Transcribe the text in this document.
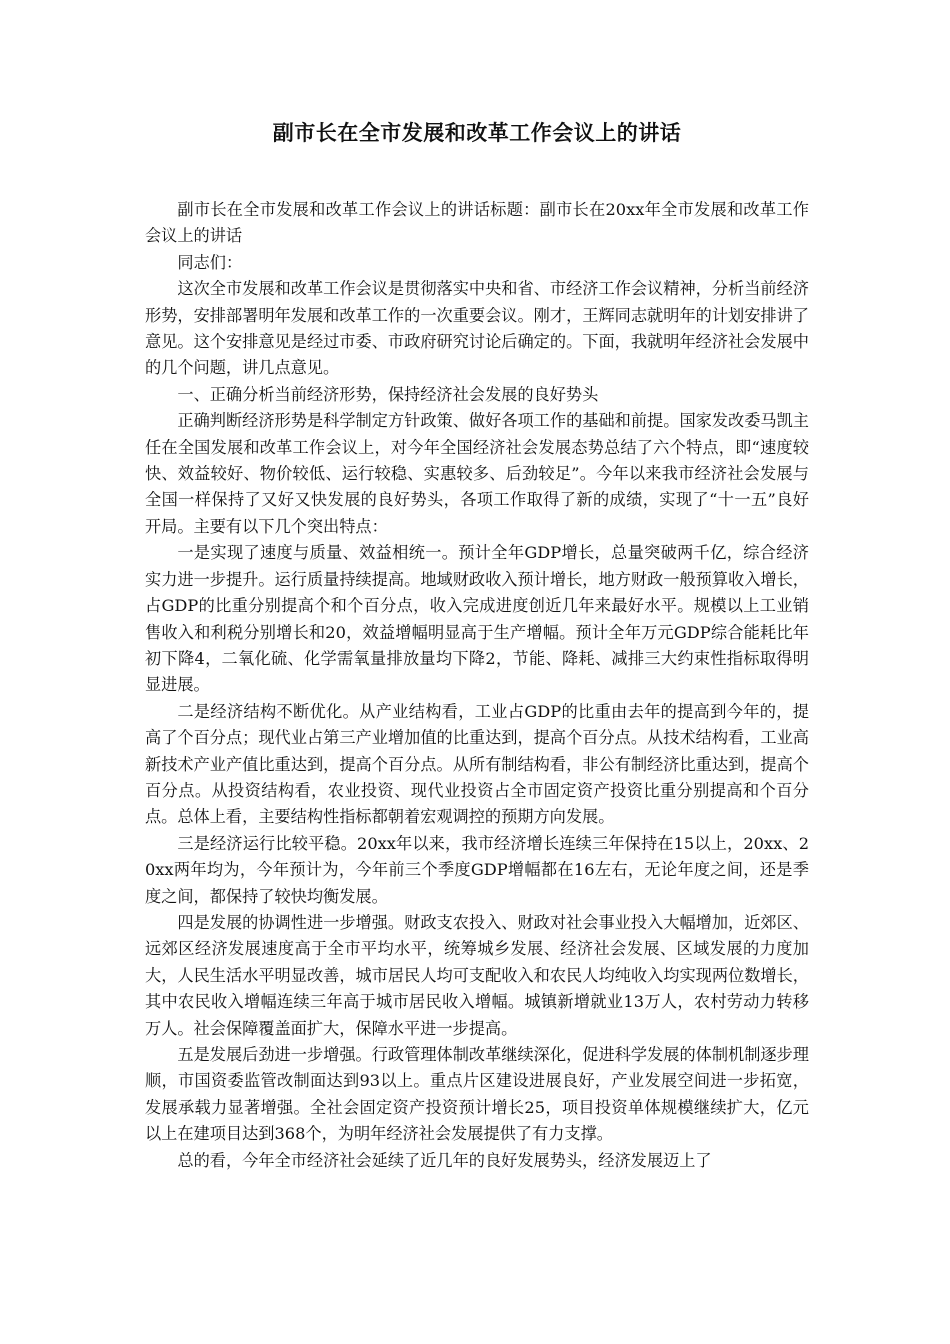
副市长在全市发展和改革工作会议上的讲话

副市长在全市发展和改革工作会议上的讲话标题：副市长在20xx年全市发展和改革工作会议上的讲话

同志们：

这次全市发展和改革工作会议是贯彻落实中央和省、市经济工作会议精神，分析当前经济形势，安排部署明年发展和改革工作的一次重要会议。刚才，王辉同志就明年的计划安排讲了意见。这个安排意见是经过市委、市政府研究讨论后确定的。下面，我就明年经济社会发展中的几个问题，讲几点意见。

一、正确分析当前经济形势，保持经济社会发展的良好势头

正确判断经济形势是科学制定方针政策、做好各项工作的基础和前提。国家发改委马凯主任在全国发展和改革工作会议上，对今年全国经济社会发展态势总结了六个特点，即“速度较快、效益较好、物价较低、运行较稳、实惠较多、后劲较足”。今年以来我市经济社会发展与全国一样保持了又好又快发展的良好势头，各项工作取得了新的成绩，实现了“十一五”良好开局。主要有以下几个突出特点：

一是实现了速度与质量、效益相统一。预计全年GDP增长，总量突破两千亿，综合经济实力进一步提升。运行质量持续提高。地域财政收入预计增长，地方财政一般预算收入增长，占GDP的比重分别提高个和个百分点，收入完成进度创近几年来最好水平。规模以上工业销售收入和利税分别增长和20，效益增幅明显高于生产增幅。预计全年万元GDP综合能耗比年初下降4，二氧化硫、化学需氧量排放量均下降2，节能、降耗、减排三大约束性指标取得明显进展。

二是经济结构不断优化。从产业结构看，工业占GDP的比重由去年的提高到今年的，提高了个百分点；现代业占第三产业增加值的比重达到，提高个百分点。从技术结构看，工业高新技术产业产值比重达到，提高个百分点。从所有制结构看，非公有制经济比重达到，提高个百分点。从投资结构看，农业投资、现代业投资占全市固定资产投资比重分别提高和个百分点。总体上看，主要结构性指标都朝着宏观调控的预期方向发展。

三是经济运行比较平稳。20xx年以来，我市经济增长连续三年保持在15以上，20xx、20xx两年均为，今年预计为，今年前三个季度GDP增幅都在16左右，无论年度之间，还是季度之间，都保持了较快均衡发展。

四是发展的协调性进一步增强。财政支农投入、财政对社会事业投入大幅增加，近郊区、远郊区经济发展速度高于全市平均水平，统筹城乡发展、经济社会发展、区域发展的力度加大，人民生活水平明显改善，城市居民人均可支配收入和农民人均纯收入均实现两位数增长，其中农民收入增幅连续三年高于城市居民收入增幅。城镇新增就业13万人，农村劳动力转移万人。社会保障覆盖面扩大，保障水平进一步提高。

五是发展后劲进一步增强。行政管理体制改革继续深化，促进科学发展的体制机制逐步理顺，市国资委监管改制面达到93以上。重点片区建设进展良好，产业发展空间进一步拓宽，发展承载力显著增强。全社会固定资产投资预计增长25，项目投资单体规模继续扩大，亿元以上在建项目达到368个，为明年经济社会发展提供了有力支撑。

总的看，今年全市经济社会延续了近几年的良好发展势头，经济发展迈上了
